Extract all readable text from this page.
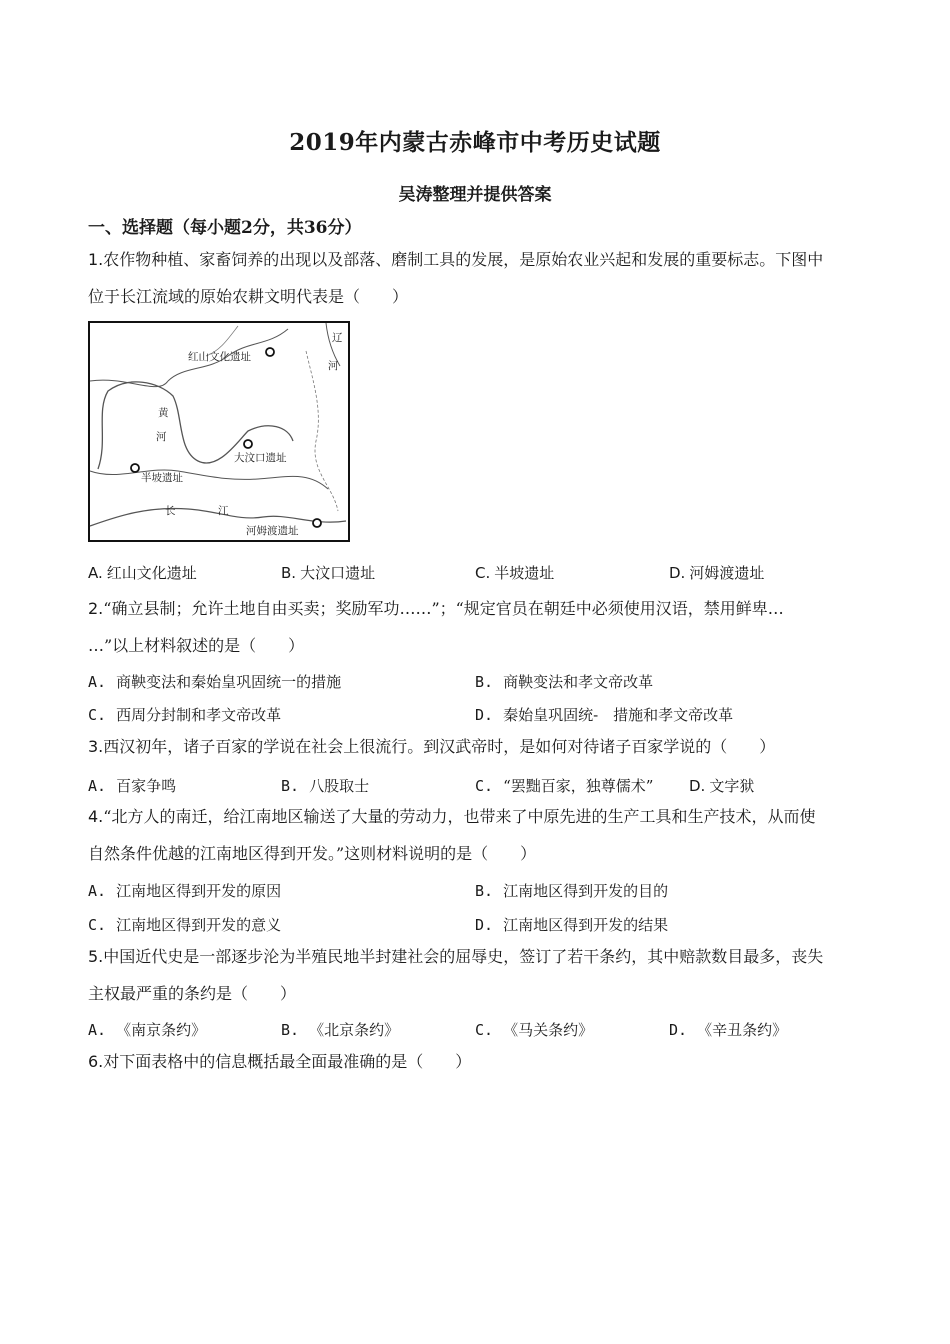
2019年内蒙古赤峰市中考历史试题
吴涛整理并提供答案
一、选择题（每小题2分，共36分）
1.农作物种植、家畜饲养的出现以及部落、磨制工具的发展，是原始农业兴起和发展的重要标志。下图中
位于长江流域的原始农耕文明代表是（　　）
红山文化遗址
大汶口遗址
半坡遗址
河姆渡遗址
黄
河
长	江
辽
河
A. 红山文化遗址	B. 大汶口遗址	C. 半坡遗址	D. 河姆渡遗址
2.“确立县制；允许土地自由买卖；奖励军功……”；“规定官员在朝廷中必须使用汉语，禁用鲜卑…
…”以上材料叙述的是（　　）
A. 商鞅变法和秦始皇巩固统一的措施	B. 商鞅变法和孝文帝改革
C. 西周分封制和孝文帝改革	D. 秦始皇巩固统-　措施和孝文帝改革
3.西汉初年，诸子百家的学说在社会上很流行。到汉武帝时，是如何对待诸子百家学说的（　　）
A. 百家争鸣	B. 八股取士	C. “罢黜百家，独尊儒术” D. 文字狱
4.“北方人的南迁，给江南地区输送了大量的劳动力，也带来了中原先进的生产工具和生产技术，从而使
自然条件优越的江南地区得到开发。”这则材料说明的是（　　）
A. 江南地区得到开发的原因	B. 江南地区得到开发的目的
C. 江南地区得到开发的意义	D. 江南地区得到开发的结果
5.中国近代史是一部逐步沦为半殖民地半封建社会的屈辱史，签订了若干条约，其中赔款数目最多，丧失
主权最严重的条约是（　　）
A. 《南京条约》	B. 《北京条约》	C. 《马关条约》	D. 《辛丑条约》
6.对下面表格中的信息概括最全面最准确的是（　　）
